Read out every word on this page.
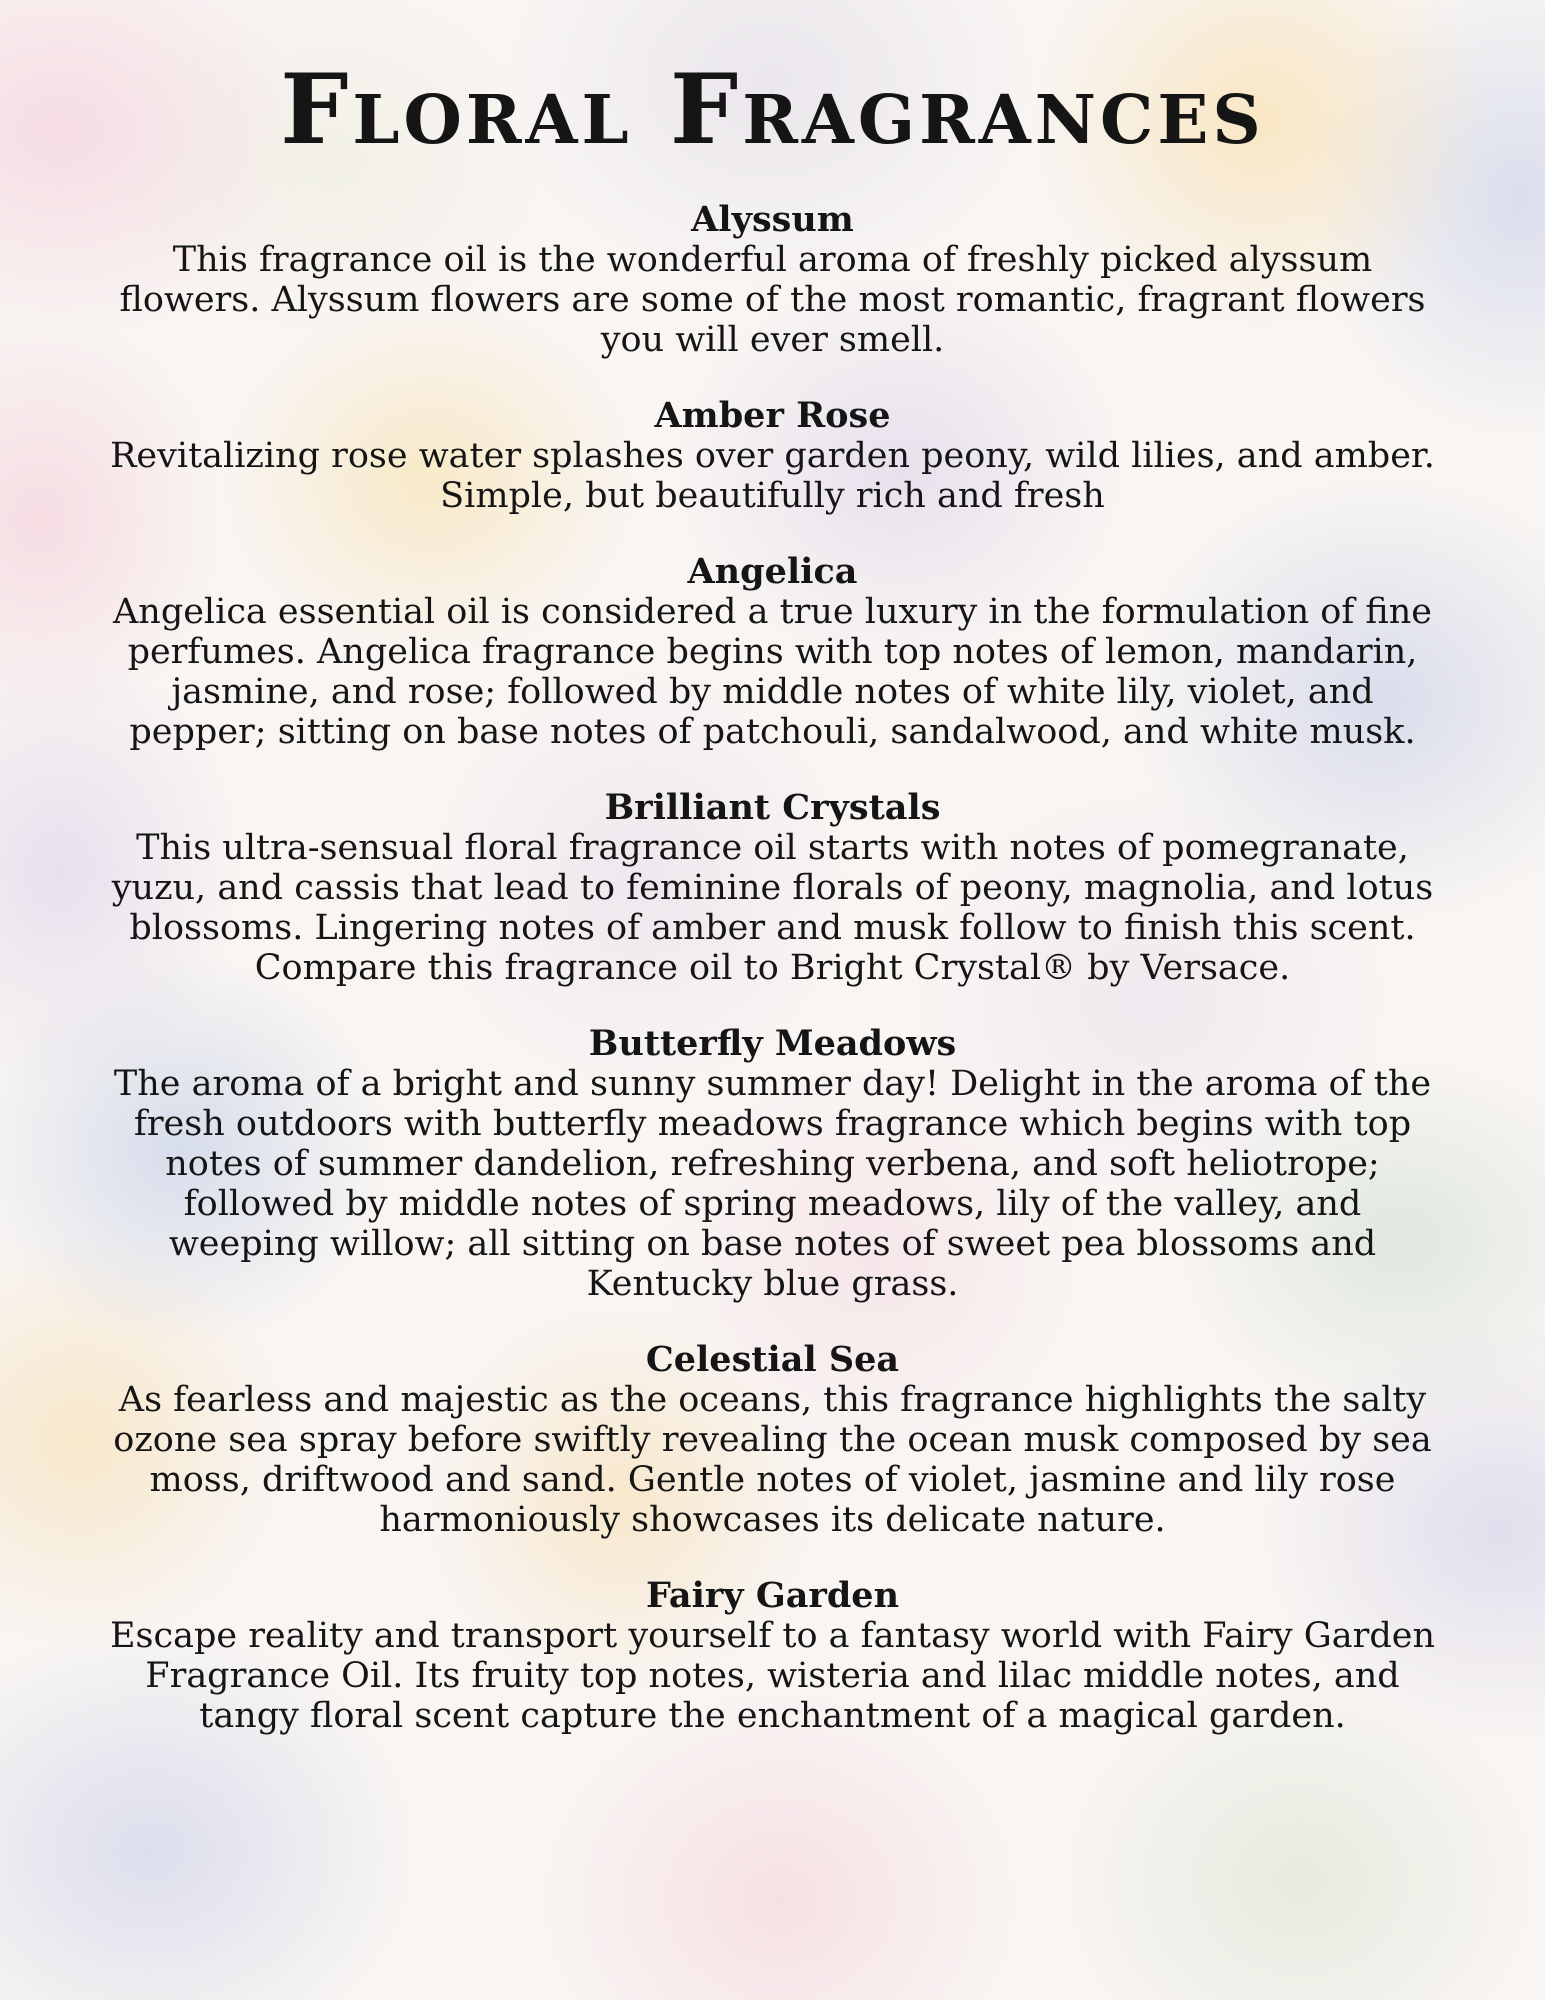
Floral Fragrances
Alyssum

This fragrance oil is the wonderful aroma of freshly picked alyssum flowers. Alyssum flowers are some of the most romantic, fragrant flowers you will ever smell.

Amber Rose

Revitalizing rose water splashes over garden peony, wild lilies, and amber. Simple, but beautifully rich and fresh

Angelica

Angelica essential oil is considered a true luxury in the formulation of fine perfumes. Angelica fragrance begins with top notes of lemon, mandarin, jasmine, and rose; followed by middle notes of white lily, violet, and pepper; sitting on base notes of patchouli, sandalwood, and white musk.

Brilliant Crystals

This ultra-sensual floral fragrance oil starts with notes of pomegranate, yuzu, and cassis that lead to feminine florals of peony, magnolia, and lotus blossoms. Lingering notes of amber and musk follow to finish this scent. Compare this fragrance oil to Bright Crystal® by Versace.

Butterfly Meadows

The aroma of a bright and sunny summer day! Delight in the aroma of the fresh outdoors with butterfly meadows fragrance which begins with top notes of summer dandelion, refreshing verbena, and soft heliotrope; followed by middle notes of spring meadows, lily of the valley, and weeping willow; all sitting on base notes of sweet pea blossoms and Kentucky blue grass.

Celestial Sea

As fearless and majestic as the oceans, this fragrance highlights the salty ozone sea spray before swiftly revealing the ocean musk composed by sea moss, driftwood and sand. Gentle notes of violet, jasmine and lily rose harmoniously showcases its delicate nature.

Fairy Garden

Escape reality and transport yourself to a fantasy world with Fairy Garden Fragrance Oil. Its fruity top notes, wisteria and lilac middle notes, and tangy floral scent capture the enchantment of a magical garden.
